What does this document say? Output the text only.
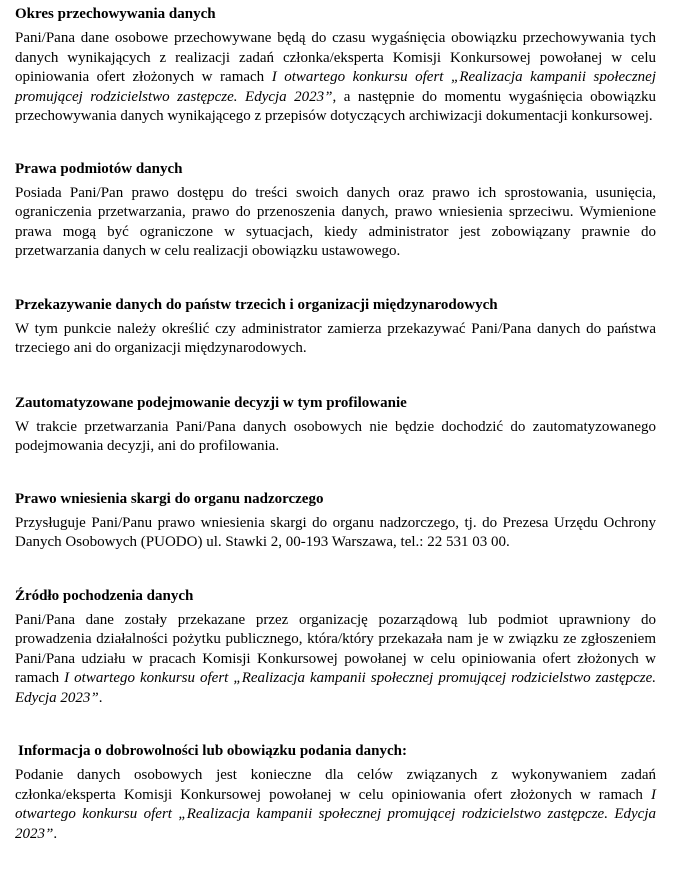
Okres przechowywania danych

Pani/Pana dane osobowe przechowywane będą do czasu wygaśnięcia obowiązku przechowywania tych danych wynikających z realizacji zadań członka/eksperta Komisji Konkursowej powołanej w celu opiniowania ofert złożonych w ramach I otwartego konkursu ofert „Realizacja kampanii społecznej promującej rodzicielstwo zastępcze. Edycja 2023”, a następnie do momentu wygaśnięcia obowiązku przechowywania danych wynikającego z przepisów dotyczących archiwizacji dokumentacji konkursowej.

Prawa podmiotów danych

Posiada Pani/Pan prawo dostępu do treści swoich danych oraz prawo ich sprostowania, usunięcia, ograniczenia przetwarzania, prawo do przenoszenia danych, prawo wniesienia sprzeciwu. Wymienione prawa mogą być ograniczone w sytuacjach, kiedy administrator jest zobowiązany prawnie do przetwarzania danych w celu realizacji obowiązku ustawowego.

Przekazywanie danych do państw trzecich i organizacji międzynarodowych

W tym punkcie należy określić czy administrator zamierza przekazywać Pani/Pana danych do państwa trzeciego ani do organizacji międzynarodowych.

Zautomatyzowane podejmowanie decyzji w tym profilowanie

W trakcie przetwarzania Pani/Pana danych osobowych nie będzie dochodzić do zautomatyzowanego podejmowania decyzji, ani do profilowania.

Prawo wniesienia skargi do organu nadzorczego

Przysługuje Pani/Panu prawo wniesienia skargi do organu nadzorczego, tj. do Prezesa Urzędu Ochrony Danych Osobowych (PUODO) ul. Stawki 2, 00-193 Warszawa, tel.: 22 531 03 00.

Źródło pochodzenia danych

Pani/Pana dane zostały przekazane przez organizację pozarządową lub podmiot uprawniony do prowadzenia działalności pożytku publicznego, która/który przekazała nam je w związku ze zgłoszeniem Pani/Pana udziału w pracach Komisji Konkursowej powołanej w celu opiniowania ofert złożonych w ramach I otwartego konkursu ofert „Realizacja kampanii społecznej promującej rodzicielstwo zastępcze. Edycja 2023”.

Informacja o dobrowolności lub obowiązku podania danych:

Podanie danych osobowych jest konieczne dla celów związanych z wykonywaniem zadań członka/eksperta Komisji Konkursowej powołanej w celu opiniowania ofert złożonych w ramach I otwartego konkursu ofert „Realizacja kampanii społecznej promującej rodzicielstwo zastępcze. Edycja 2023”.
